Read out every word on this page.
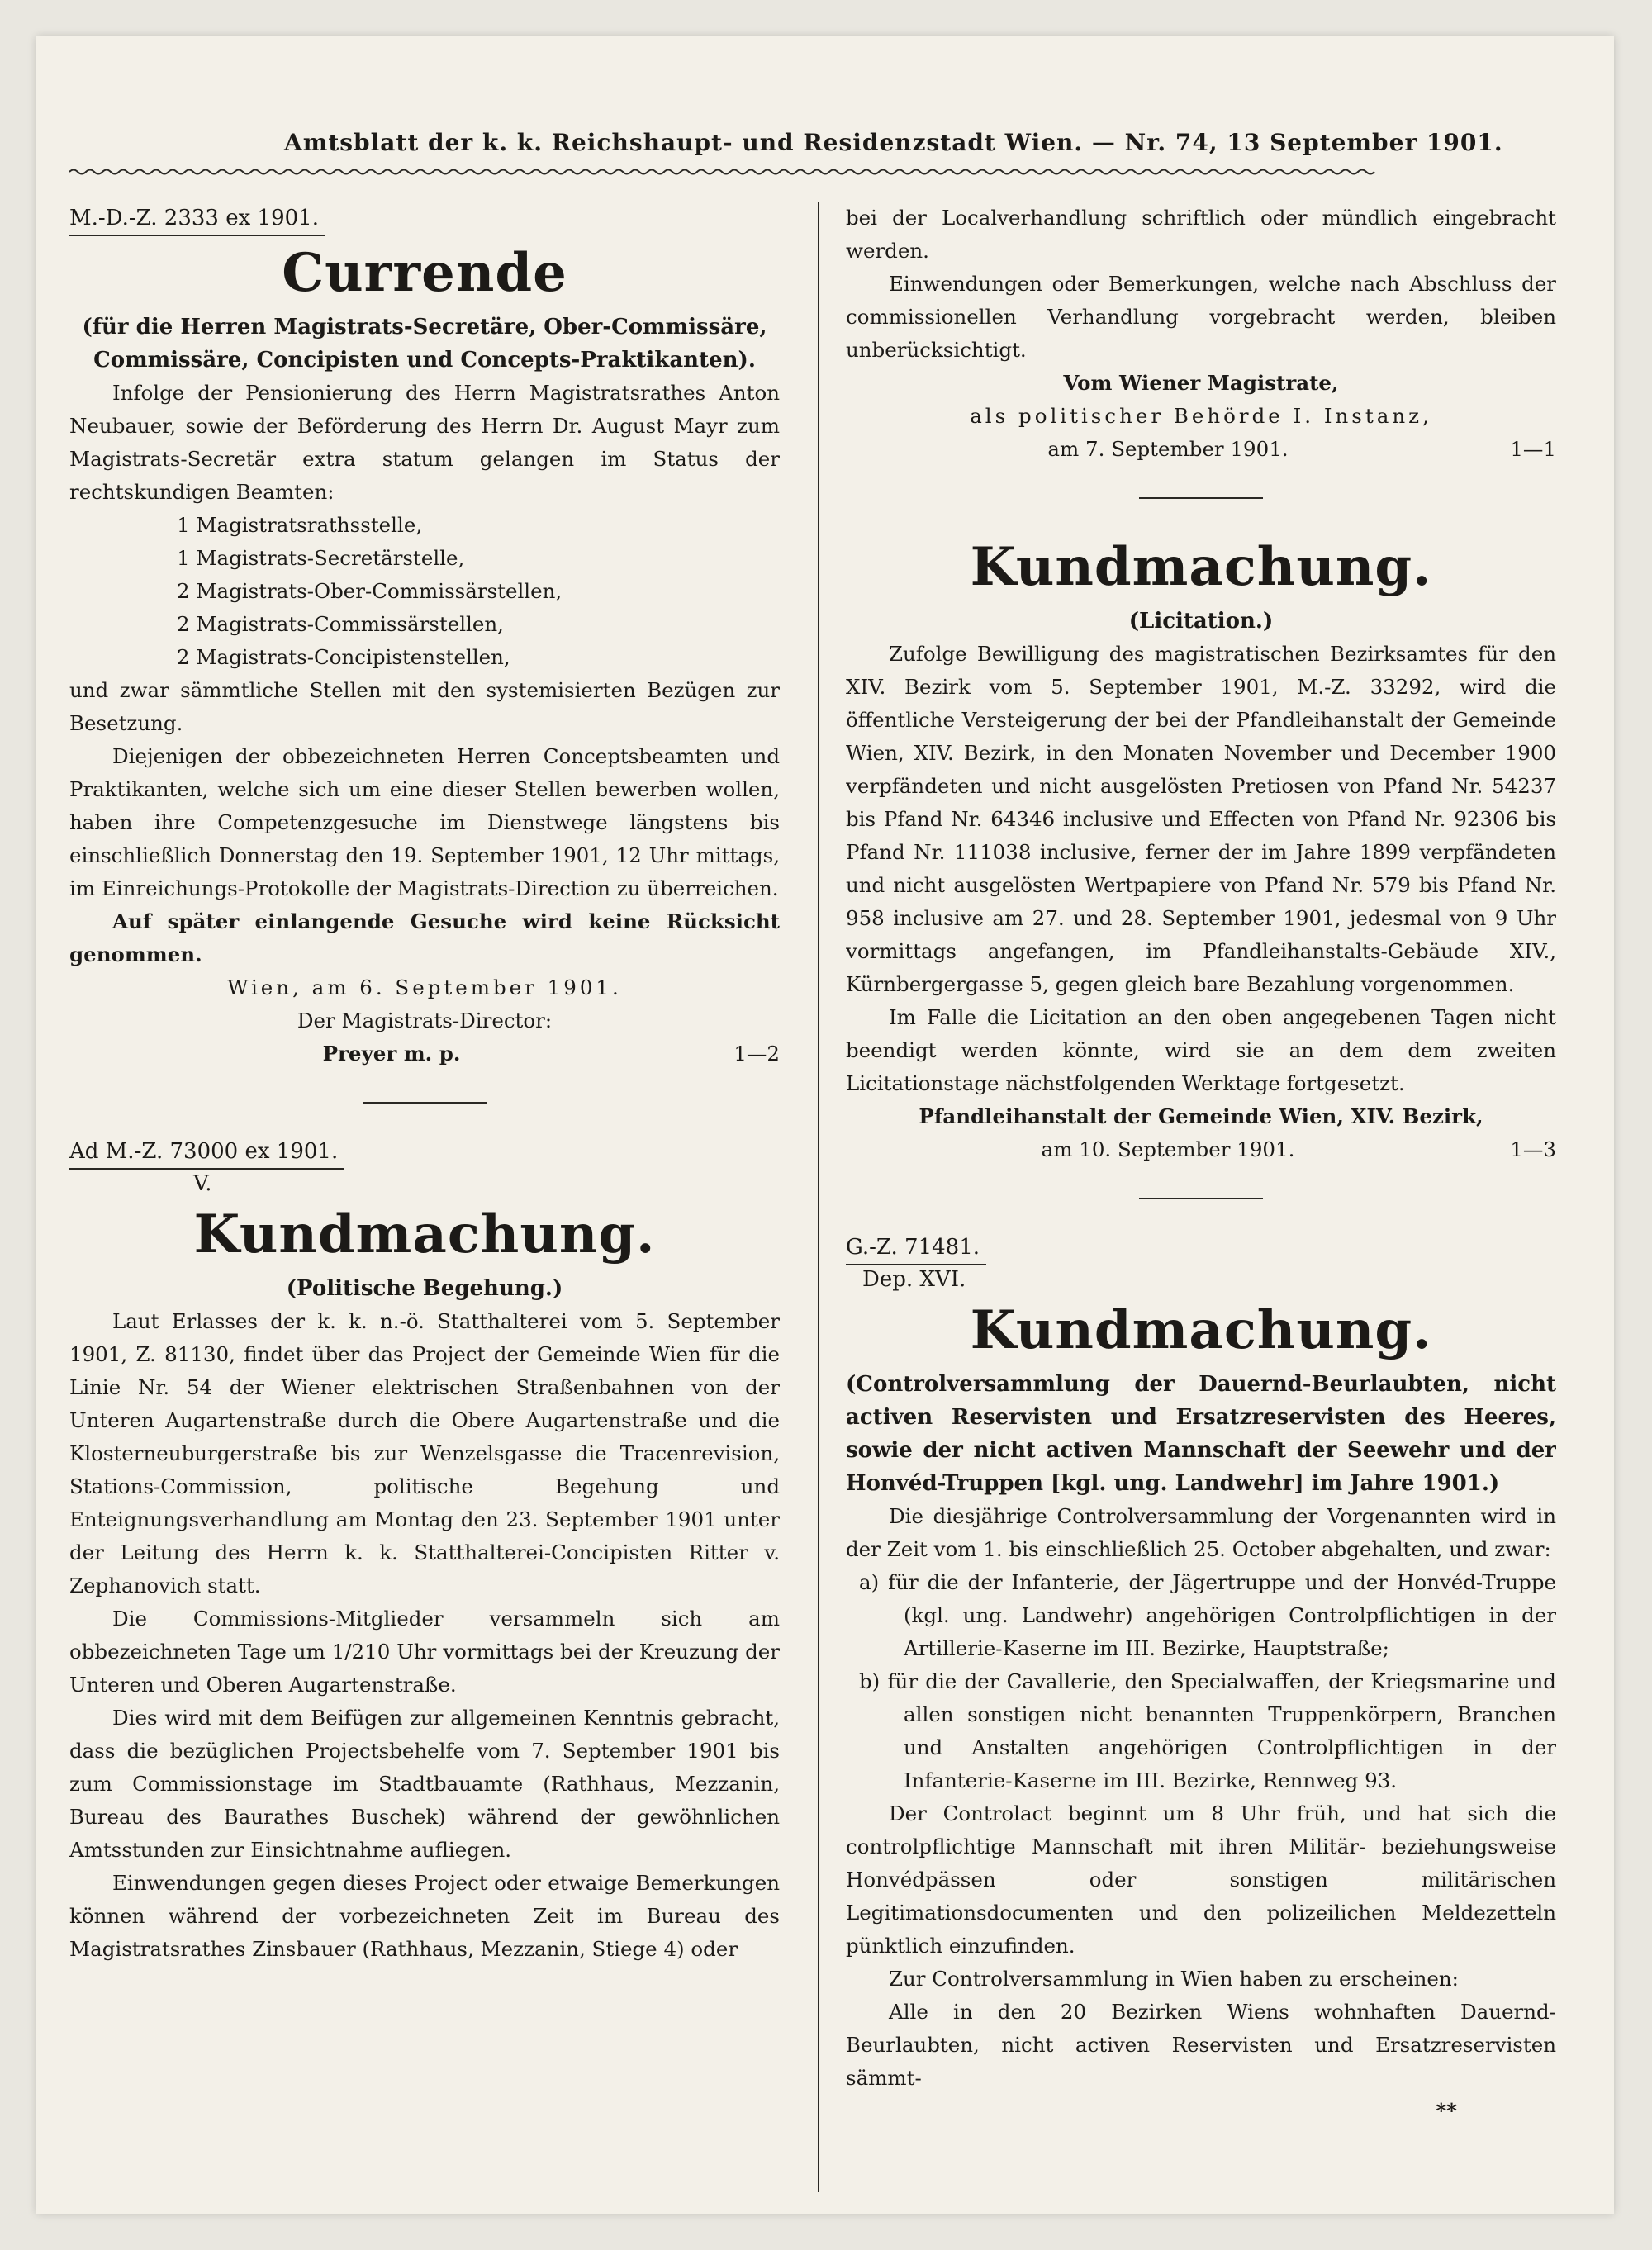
Amtsblatt der k. k. Reichshaupt- und Residenzstadt Wien. — Nr. 74, 13 September 1901.
M.-D.-Z. 2333 ex 1901.
Currende

(für die Herren Magistrats-Secretäre, Ober-Commissäre, Commissäre, Concipisten und Concepts-Praktikanten).

Infolge der Pensionierung des Herrn Magistratsrathes Anton Neubauer, sowie der Beförderung des Herrn Dr. August Mayr zum Magistrats-Secretär extra statum gelangen im Status der rechtskundigen Beamten:

1 Magistratsrathsstelle,
1 Magistrats-Secretärstelle,
2 Magistrats-Ober-Commissärstellen,
2 Magistrats-Commissärstellen,
2 Magistrats-Concipistenstellen,

und zwar sämmtliche Stellen mit den systemisierten Bezügen zur Besetzung.

Diejenigen der obbezeichneten Herren Conceptsbeamten und Praktikanten, welche sich um eine dieser Stellen bewerben wollen, haben ihre Competenzgesuche im Dienstwege längstens bis einschließlich Donnerstag den 19. September 1901, 12 Uhr mittags, im Einreichungs-Protokolle der Magistrats-Direction zu überreichen.

Auf später einlangende Gesuche wird keine Rücksicht genommen.

Wien, am 6. September 1901.
Der Magistrats-Director:
Preyer m. p.	1—2
Ad M.-Z. 73000 ex 1901.
V.
Kundmachung.
(Politische Begehung.)

Laut Erlasses der k. k. n.-ö. Statthalterei vom 5. September 1901, Z. 81130, findet über das Project der Gemeinde Wien für die Linie Nr. 54 der Wiener elektrischen Straßenbahnen von der Unteren Augartenstraße durch die Obere Augartenstraße und die Klosterneuburgerstraße bis zur Wenzelsgasse die Tracenrevision, Stations-Commission, politische Begehung und Enteignungsverhandlung am Montag den 23. September 1901 unter der Leitung des Herrn k. k. Statthalterei-Concipisten Ritter v. Zephanovich statt.

Die Commissions-Mitglieder versammeln sich am obbezeichneten Tage um 1/210 Uhr vormittags bei der Kreuzung der Unteren und Oberen Augartenstraße.

Dies wird mit dem Beifügen zur allgemeinen Kenntnis gebracht, dass die bezüglichen Projectsbehelfe vom 7. September 1901 bis zum Commissionstage im Stadtbauamte (Rathhaus, Mezzanin, Bureau des Baurathes Buschek) während der gewöhnlichen Amtsstunden zur Einsichtnahme aufliegen.

Einwendungen gegen dieses Project oder etwaige Bemerkungen können während der vorbezeichneten Zeit im Bureau des Magistratsrathes Zinsbauer (Rathhaus, Mezzanin, Stiege 4) oder

bei der Localverhandlung schriftlich oder mündlich eingebracht werden.

Einwendungen oder Bemerkungen, welche nach Abschluss der commissionellen Verhandlung vorgebracht werden, bleiben unberücksichtigt.

Vom Wiener Magistrate,
als politischer Behörde I. Instanz,
am 7. September 1901.	1—1
Kundmachung.
(Licitation.)

Zufolge Bewilligung des magistratischen Bezirksamtes für den XIV. Bezirk vom 5. September 1901, M.-Z. 33292, wird die öffentliche Versteigerung der bei der Pfandleihanstalt der Gemeinde Wien, XIV. Bezirk, in den Monaten November und December 1900 verpfändeten und nicht ausgelösten Pretiosen von Pfand Nr. 54237 bis Pfand Nr. 64346 inclusive und Effecten von Pfand Nr. 92306 bis Pfand Nr. 111038 inclusive, ferner der im Jahre 1899 verpfändeten und nicht ausgelösten Wertpapiere von Pfand Nr. 579 bis Pfand Nr. 958 inclusive am 27. und 28. September 1901, jedesmal von 9 Uhr vormittags angefangen, im Pfandleihanstalts-Gebäude XIV., Kürnbergergasse 5, gegen gleich bare Bezahlung vorgenommen.

Im Falle die Licitation an den oben angegebenen Tagen nicht beendigt werden könnte, wird sie an dem dem zweiten Licitationstage nächstfolgenden Werktage fortgesetzt.

Pfandleihanstalt der Gemeinde Wien, XIV. Bezirk,
am 10. September 1901.	1—3
G.-Z. 71481.
Dep. XVI.
Kundmachung.

(Controlversammlung der Dauernd-Beurlaubten, nicht activen Reservisten und Ersatzreservisten des Heeres, sowie der nicht activen Mannschaft der Seewehr und der Honvéd-Truppen [kgl. ung. Landwehr] im Jahre 1901.)

Die diesjährige Controlversammlung der Vorgenannten wird in der Zeit vom 1. bis einschließlich 25. October abgehalten, und zwar:

a) für die der Infanterie, der Jägertruppe und der Honvéd-Truppe (kgl. ung. Landwehr) angehörigen Controlpflichtigen in der Artillerie-Kaserne im III. Bezirke, Hauptstraße;

b) für die der Cavallerie, den Specialwaffen, der Kriegsmarine und allen sonstigen nicht benannten Truppenkörpern, Branchen und Anstalten angehörigen Controlpflichtigen in der Infanterie-Kaserne im III. Bezirke, Rennweg 93.

Der Controlact beginnt um 8 Uhr früh, und hat sich die controlpflichtige Mannschaft mit ihren Militär- beziehungsweise Honvédpässen oder sonstigen militärischen Legitimationsdocumenten und den polizeilichen Meldezetteln pünktlich einzufinden.

Zur Controlversammlung in Wien haben zu erscheinen:

Alle in den 20 Bezirken Wiens wohnhaften Dauernd-Beurlaubten, nicht activen Reservisten und Ersatzreservisten sämmt-

**
